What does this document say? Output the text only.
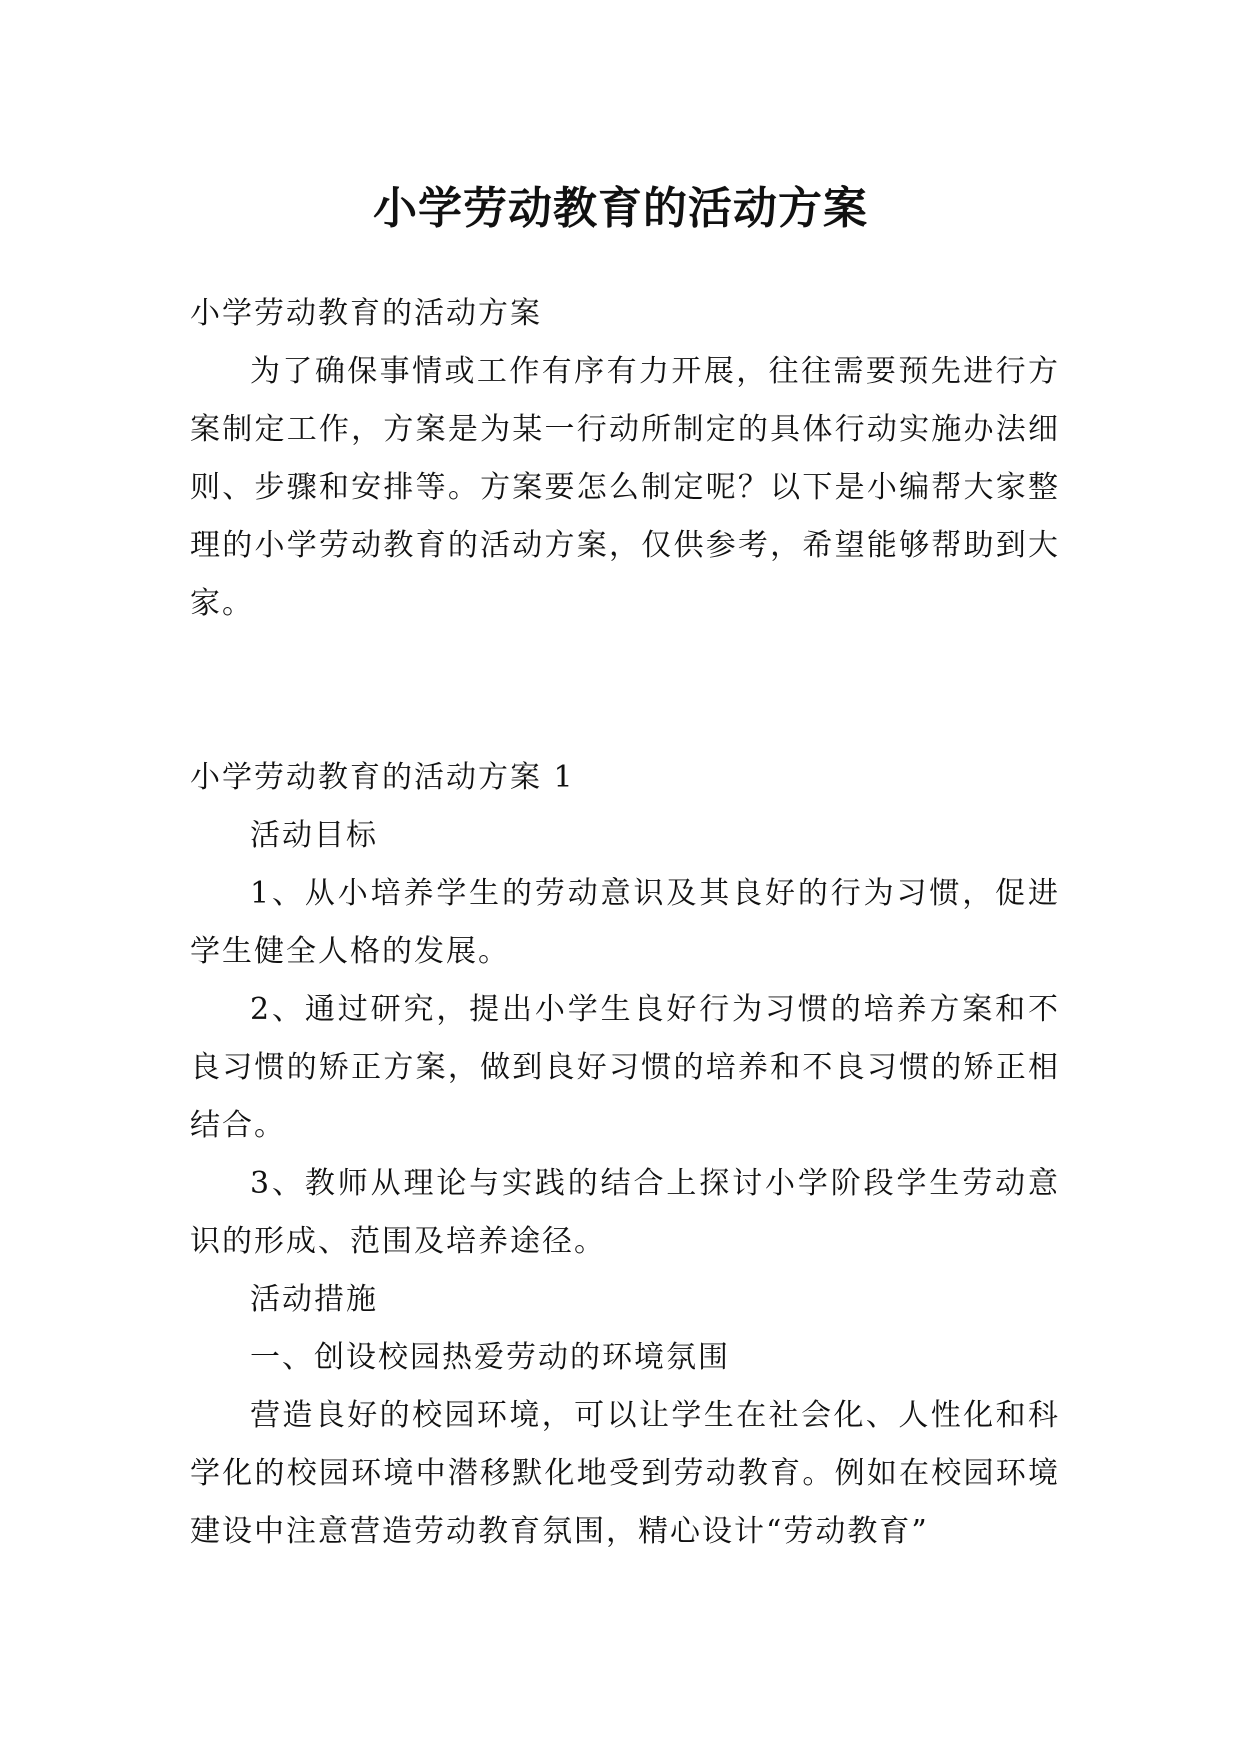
小学劳动教育的活动方案

小学劳动教育的活动方案

为了确保事情或工作有序有力开展，往往需要预先进行方案制定工作，方案是为某一行动所制定的具体行动实施办法细则、步骤和安排等。方案要怎么制定呢？以下是小编帮大家整理的小学劳动教育的活动方案，仅供参考，希望能够帮助到大家。

小学劳动教育的活动方案 1

活动目标

1、从小培养学生的劳动意识及其良好的行为习惯，促进学生健全人格的发展。

2、通过研究，提出小学生良好行为习惯的培养方案和不良习惯的矫正方案，做到良好习惯的培养和不良习惯的矫正相结合。

3、教师从理论与实践的结合上探讨小学阶段学生劳动意识的形成、范围及培养途径。

活动措施

一、创设校园热爱劳动的环境氛围

营造良好的校园环境，可以让学生在社会化、人性化和科学化的校园环境中潜移默化地受到劳动教育。例如在校园环境建设中注意营造劳动教育氛围，精心设计“劳动教育”
